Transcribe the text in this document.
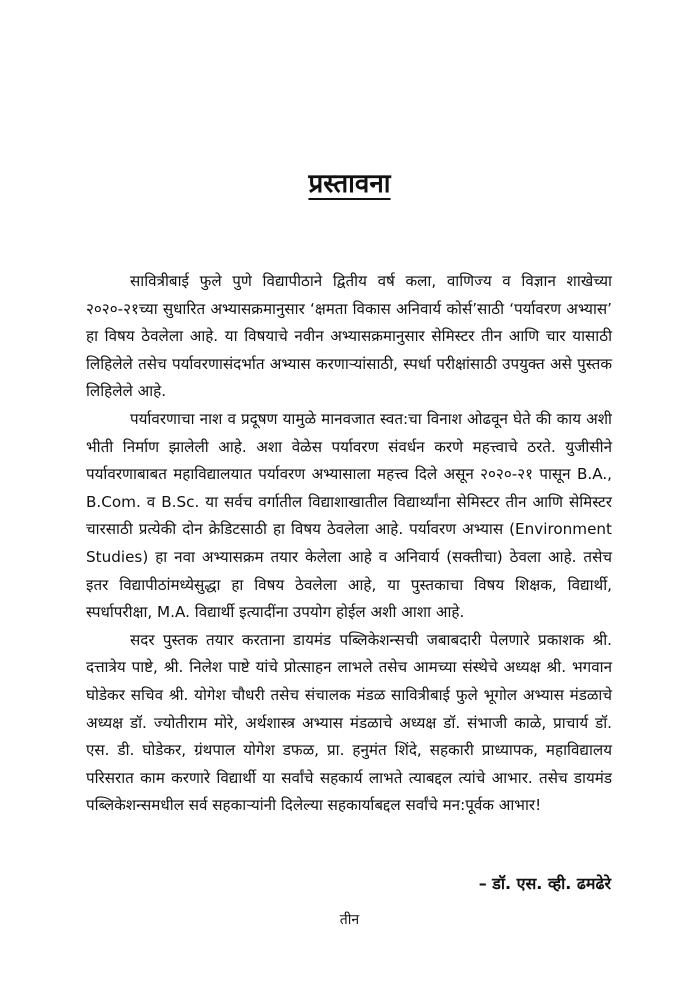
प्रस्तावना

सावित्रीबाई फुले पुणे विद्यापीठाने द्वितीय वर्ष कला, वाणिज्य व विज्ञान शाखेच्या २०२०-२१च्या सुधारित अभ्यासक्रमानुसार ‘क्षमता विकास अनिवार्य कोर्स’साठी ‘पर्यावरण अभ्यास’ हा विषय ठेवलेला आहे. या विषयाचे नवीन अभ्यासक्रमानुसार सेमिस्टर तीन आणि चार यासाठी लिहिलेले तसेच पर्यावरणासंदर्भात अभ्यास करणाऱ्यांसाठी, स्पर्धा परीक्षांसाठी उपयुक्त असे पुस्तक लिहिलेले आहे.

पर्यावरणाचा नाश व प्रदूषण यामुळे मानवजात स्वत:चा विनाश ओढवून घेते की काय अशी भीती निर्माण झालेली आहे. अशा वेळेस पर्यावरण संवर्धन करणे महत्त्वाचे ठरते. युजीसीने पर्यावरणाबाबत महाविद्यालयात पर्यावरण अभ्यासाला महत्त्व दिले असून २०२०-२१ पासून B.A., B.Com. व B.Sc. या सर्वच वर्गातील विद्याशाखातील विद्यार्थ्यांना सेमिस्टर तीन आणि सेमिस्टर चारसाठी प्रत्येकी दोन क्रेडिटसाठी हा विषय ठेवलेला आहे. पर्यावरण अभ्यास (Environment Studies) हा नवा अभ्यासक्रम तयार केलेला आहे व अनिवार्य (सक्तीचा) ठेवला आहे. तसेच इतर विद्यापीठांमध्येसुद्धा हा विषय ठेवलेला आहे, या पुस्तकाचा विषय शिक्षक, विद्यार्थी, स्पर्धापरीक्षा, M.A. विद्यार्थी इत्यादींना उपयोग होईल अशी आशा आहे.

सदर पुस्तक तयार करताना डायमंड पब्लिकेशन्सची जबाबदारी पेलणारे प्रकाशक श्री. दत्तात्रेय पाष्टे, श्री. निलेश पाष्टे यांचे प्रोत्साहन लाभले तसेच आमच्या संस्थेचे अध्यक्ष श्री. भगवान घोडेकर सचिव श्री. योगेश चौधरी तसेच संचालक मंडळ सावित्रीबाई फुले भूगोल अभ्यास मंडळाचे अध्यक्ष डॉ. ज्योतीराम मोरे, अर्थशास्त्र अभ्यास मंडळाचे अध्यक्ष डॉ. संभाजी काळे, प्राचार्य डॉ. एस. डी. घोडेकर, ग्रंथपाल योगेश डफळ, प्रा. हनुमंत शिंदे, सहकारी प्राध्यापक, महाविद्यालय परिसरात काम करणारे विद्यार्थी या सर्वांचे सहकार्य लाभते त्याबद्दल त्यांचे आभार. तसेच डायमंड पब्लिकेशन्समधील सर्व सहकाऱ्यांनी दिलेल्या सहकार्याबद्दल सर्वांचे मन:पूर्वक आभार!

– डॉ. एस. व्ही. ढमढेरे
तीन
